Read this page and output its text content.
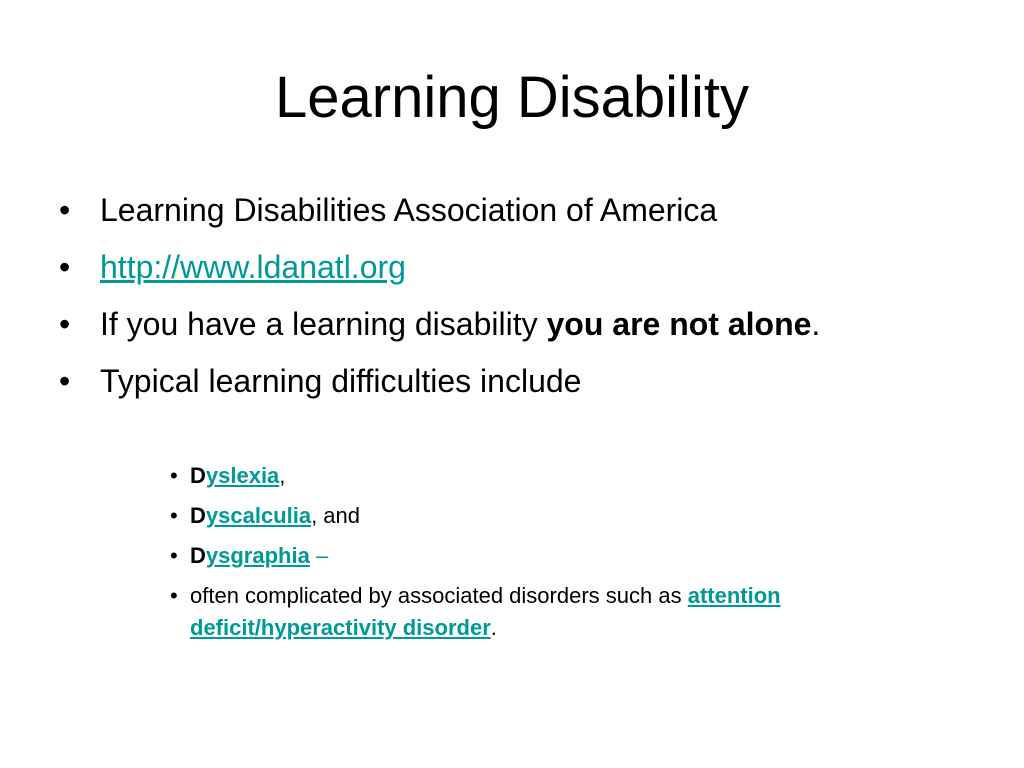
Learning Disability
• Learning Disabilities Association of America
• http://www.ldanatl.org
• If you have a learning disability you are not alone.
• Typical learning difficulties include
• Dyslexia,
• Dyscalculia, and
• Dysgraphia –
• often complicated by associated disorders such as attention deficit/hyperactivity disorder.
